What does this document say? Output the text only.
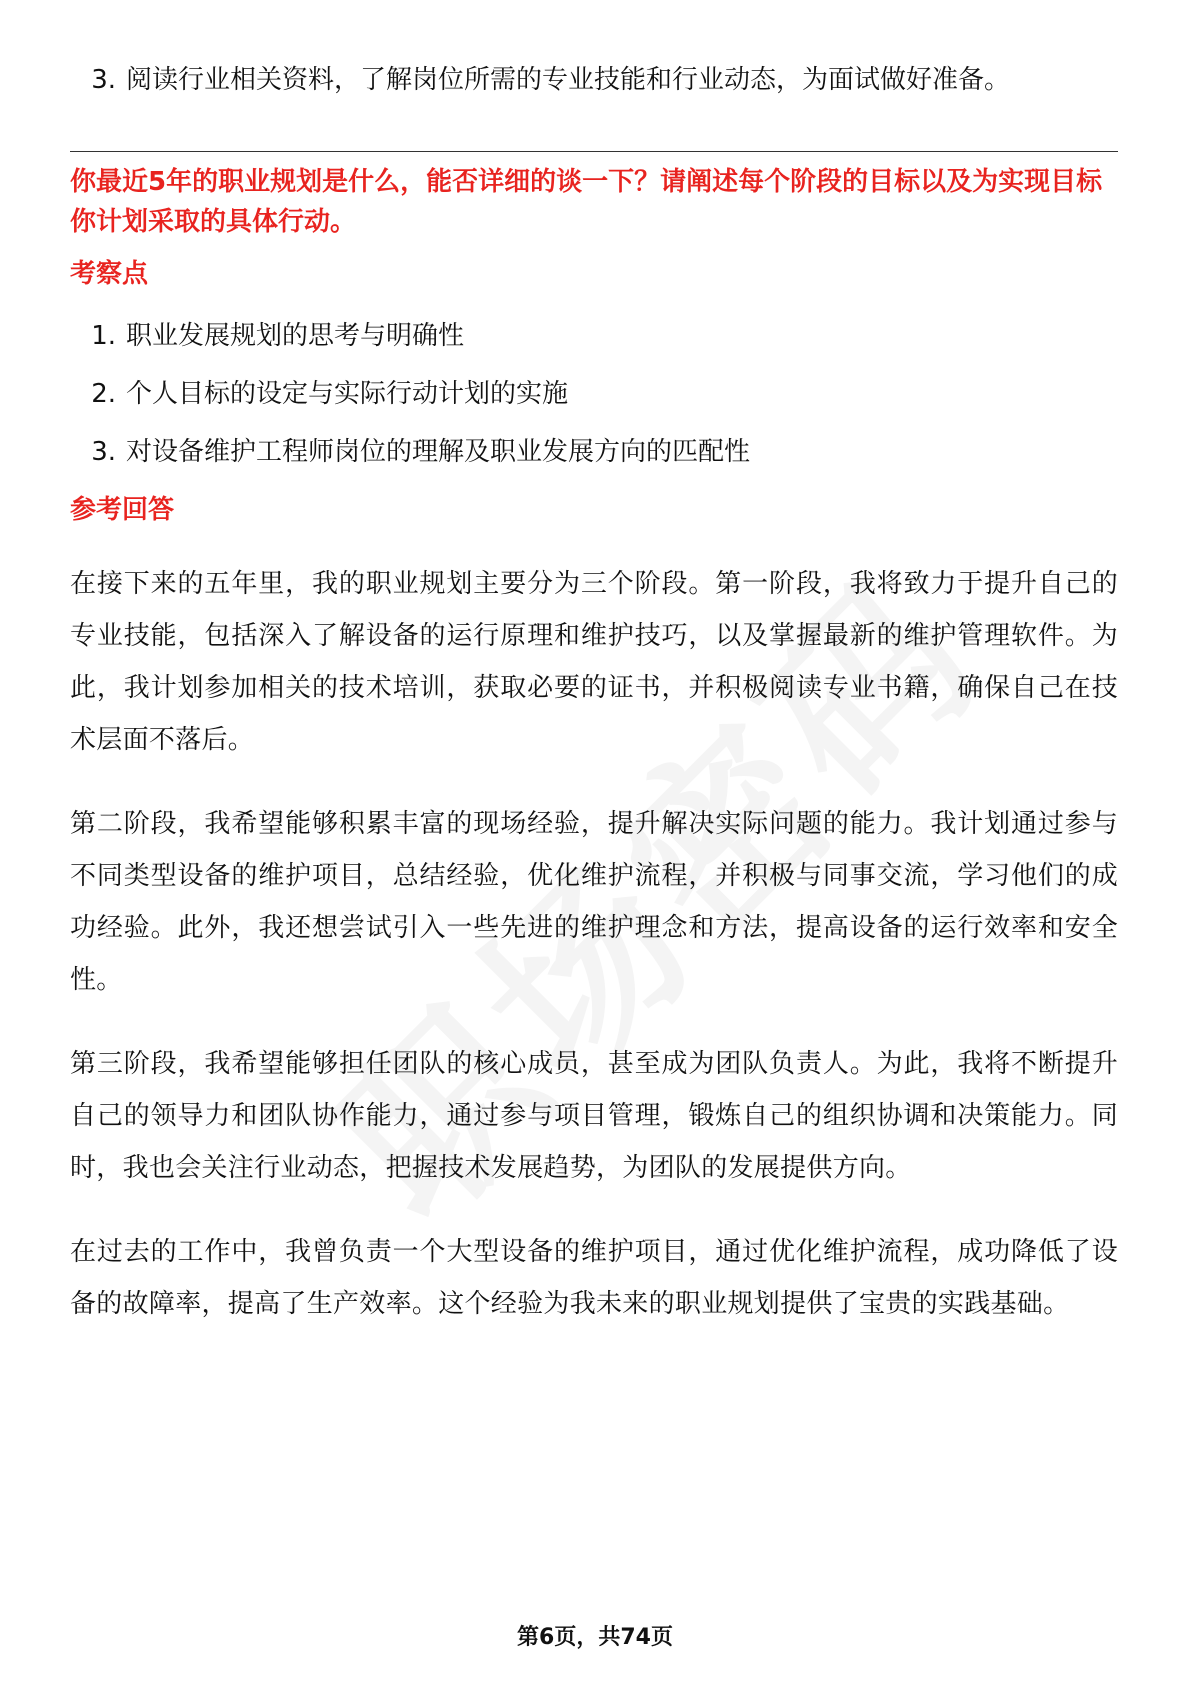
3. 阅读行业相关资料，了解岗位所需的专业技能和行业动态，为面试做好准备。

你最近5年的职业规划是什么，能否详细的谈一下？请阐述每个阶段的目标以及为实现目标你计划采取的具体行动。

考察点
1. 职业发展规划的思考与明确性
2. 个人目标的设定与实际行动计划的实施
3. 对设备维护工程师岗位的理解及职业发展方向的匹配性
参考回答

在接下来的五年里，我的职业规划主要分为三个阶段。第一阶段，我将致力于提升自己的专业技能，包括深入了解设备的运行原理和维护技巧，以及掌握最新的维护管理软件。为此，我计划参加相关的技术培训，获取必要的证书，并积极阅读专业书籍，确保自己在技术层面不落后。

第二阶段，我希望能够积累丰富的现场经验，提升解决实际问题的能力。我计划通过参与不同类型设备的维护项目，总结经验，优化维护流程，并积极与同事交流，学习他们的成功经验。此外，我还想尝试引入一些先进的维护理念和方法，提高设备的运行效率和安全性。

第三阶段，我希望能够担任团队的核心成员，甚至成为团队负责人。为此，我将不断提升自己的领导力和团队协作能力，通过参与项目管理，锻炼自己的组织协调和决策能力。同时，我也会关注行业动态，把握技术发展趋势，为团队的发展提供方向。

在过去的工作中，我曾负责一个大型设备的维护项目，通过优化维护流程，成功降低了设备的故障率，提高了生产效率。这个经验为我未来的职业规划提供了宝贵的实践基础。

第6页，共74页
